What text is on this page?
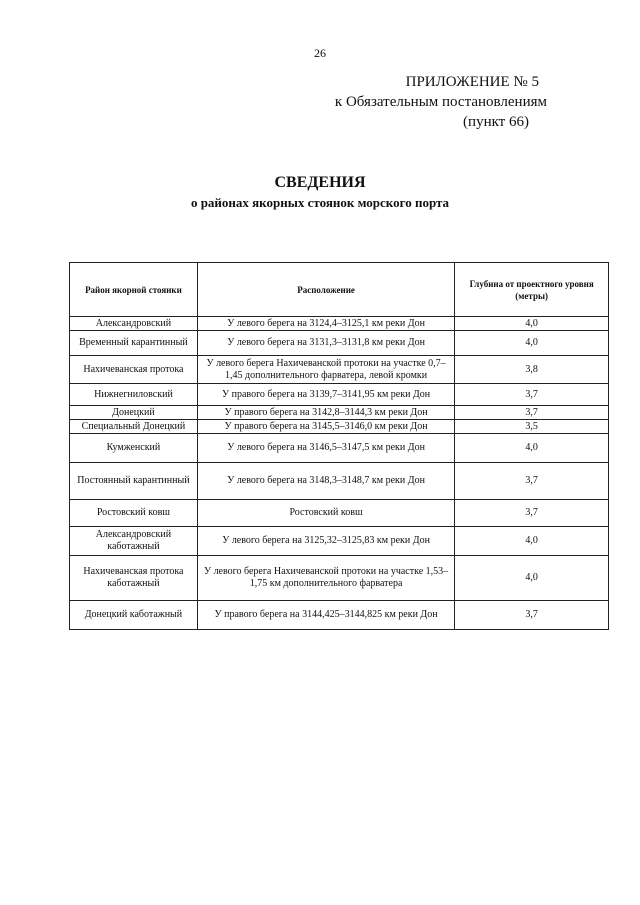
26
ПРИЛОЖЕНИЕ № 5
к Обязательным постановлениям
(пункт 66)
СВЕДЕНИЯ
о районах якорных стоянок морского порта
Район якорной стоянки	Расположение	Глубина от проектного уровня (метры)
Александровский	У левого берега на 3124,4–3125,1 км реки Дон	4,0
Временный карантинный	У левого берега на 3131,3–3131,8 км реки Дон	4,0
Нахичеванская протока	У левого берега Нахичеванской протоки на участке 0,7–1,45 дополнительного фарватера, левой кромки	3,8
Нижнегниловский	У правого берега на 3139,7–3141,95 км реки Дон	3,7
Донецкий	У правого берега на 3142,8–3144,3 км реки Дон	3,7
Специальный Донецкий	У правого берега на 3145,5–3146,0 км реки Дон	3,5
Кумженский	У левого берега на 3146,5–3147,5 км реки Дон	4,0
Постоянный карантинный	У левого берега на 3148,3–3148,7 км реки Дон	3,7
Ростовский ковш	Ростовский ковш	3,7
Александровский каботажный	У левого берега на 3125,32–3125,83 км реки Дон	4,0
Нахичеванская протока каботажный	У левого берега Нахичеванской протоки на участке 1,53–1,75 км дополнительного фарватера	4,0
Донецкий каботажный	У правого берега на 3144,425–3144,825 км реки Дон	3,7
